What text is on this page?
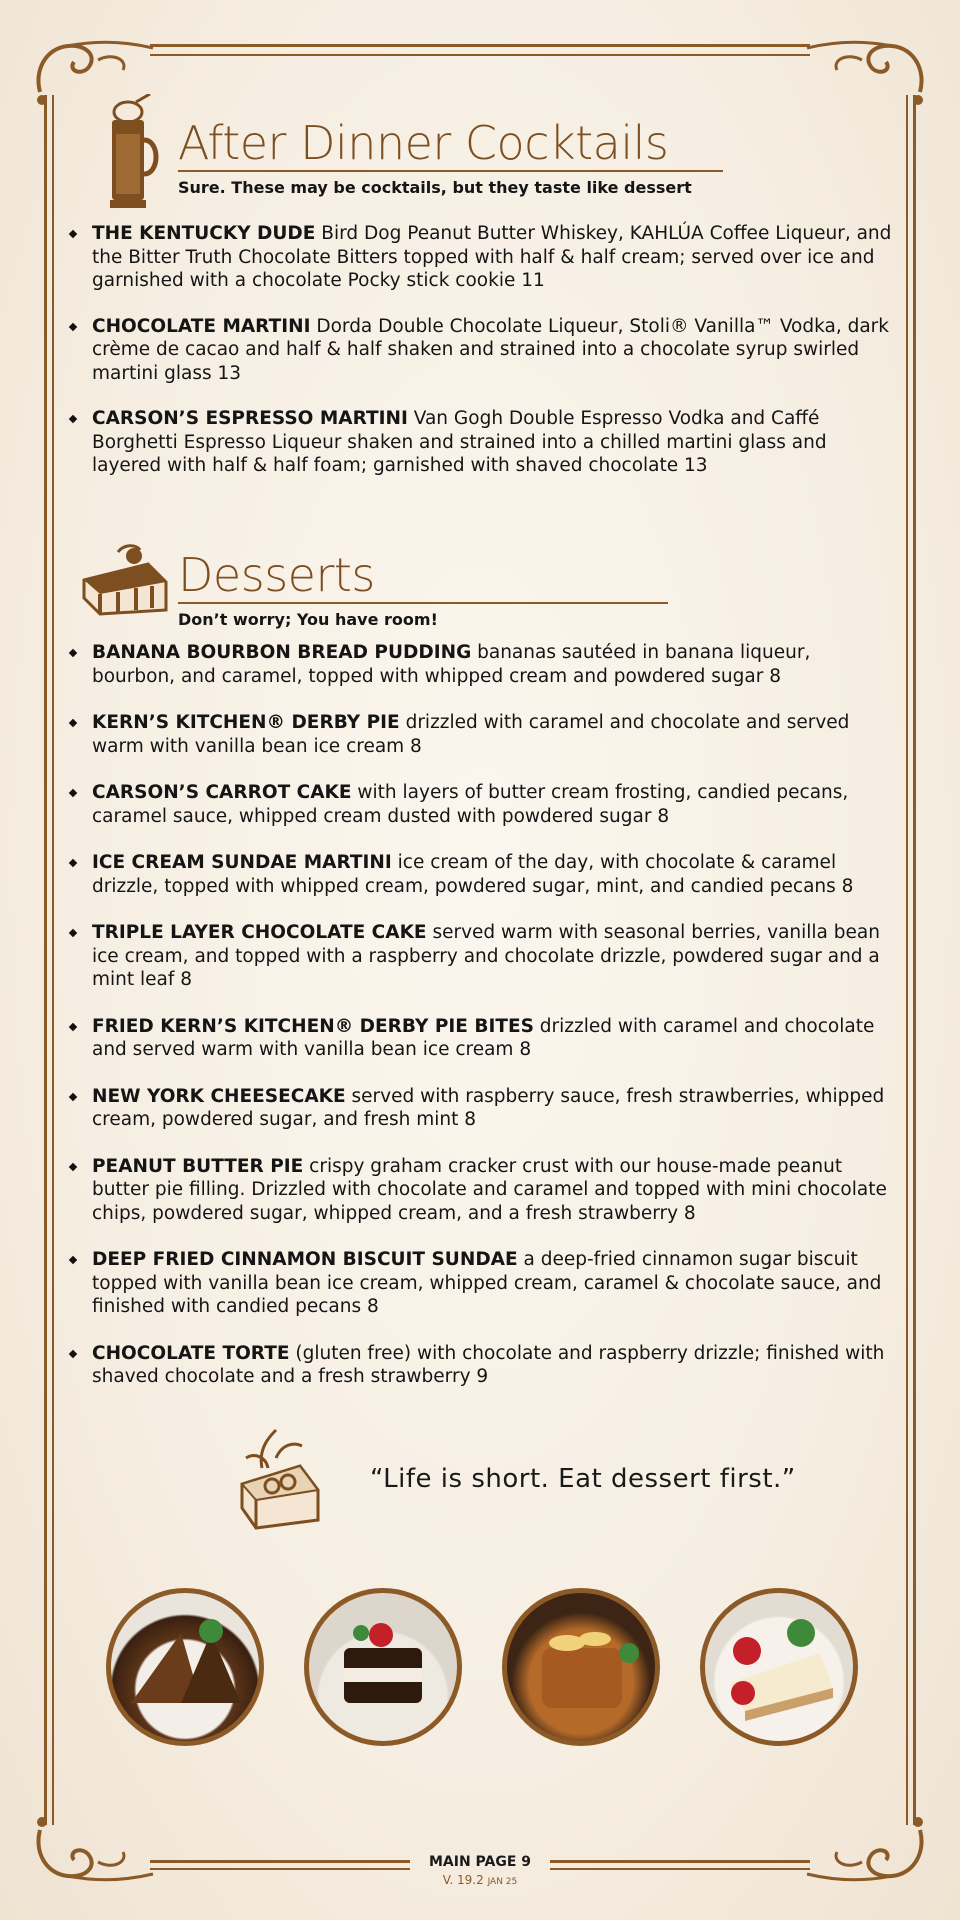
After Dinner Cocktails
Sure. These may be cocktails, but they taste like dessert
THE KENTUCKY DUDE Bird Dog Peanut Butter Whiskey, KAHLÚA Coffee Liqueur, and the Bitter Truth Chocolate Bitters topped with half & half cream; served over ice and garnished with a chocolate Pocky stick cookie 11
CHOCOLATE MARTINI Dorda Double Chocolate Liqueur, Stoli® Vanilla™ Vodka, dark crème de cacao and half & half shaken and strained into a chocolate syrup swirled martini glass 13
CARSON’S ESPRESSO MARTINI Van Gogh Double Espresso Vodka and Caffé Borghetti Espresso Liqueur shaken and strained into a chilled martini glass and layered with half & half foam; garnished with shaved chocolate 13
Desserts
Don’t worry; You have room!
BANANA BOURBON BREAD PUDDING bananas sautéed in banana liqueur, bourbon, and caramel, topped with whipped cream and powdered sugar 8
KERN’S KITCHEN® DERBY PIE drizzled with caramel and chocolate and served warm with vanilla bean ice cream 8
CARSON’S CARROT CAKE with layers of butter cream frosting, candied pecans, caramel sauce, whipped cream dusted with powdered sugar 8
ICE CREAM SUNDAE MARTINI ice cream of the day, with chocolate & caramel drizzle, topped with whipped cream, powdered sugar, mint, and candied pecans 8
TRIPLE LAYER CHOCOLATE CAKE served warm with seasonal berries, vanilla bean ice cream, and topped with a raspberry and chocolate drizzle, powdered sugar and a mint leaf 8
FRIED KERN’S KITCHEN® DERBY PIE BITES drizzled with caramel and chocolate and served warm with vanilla bean ice cream 8
NEW YORK CHEESECAKE served with raspberry sauce, fresh strawberries, whipped cream, powdered sugar, and fresh mint 8
PEANUT BUTTER PIE crispy graham cracker crust with our house-made peanut butter pie filling. Drizzled with chocolate and caramel and topped with mini chocolate chips, powdered sugar, whipped cream, and a fresh strawberry 8
DEEP FRIED CINNAMON BISCUIT SUNDAE a deep-fried cinnamon sugar biscuit topped with vanilla bean ice cream, whipped cream, caramel & chocolate sauce, and finished with candied pecans 8
CHOCOLATE TORTE (gluten free) with chocolate and raspberry drizzle; finished with shaved chocolate and a fresh strawberry 9
“Life is short. Eat dessert first.”
MAIN PAGE 9
V. 19.2 JAN 25
